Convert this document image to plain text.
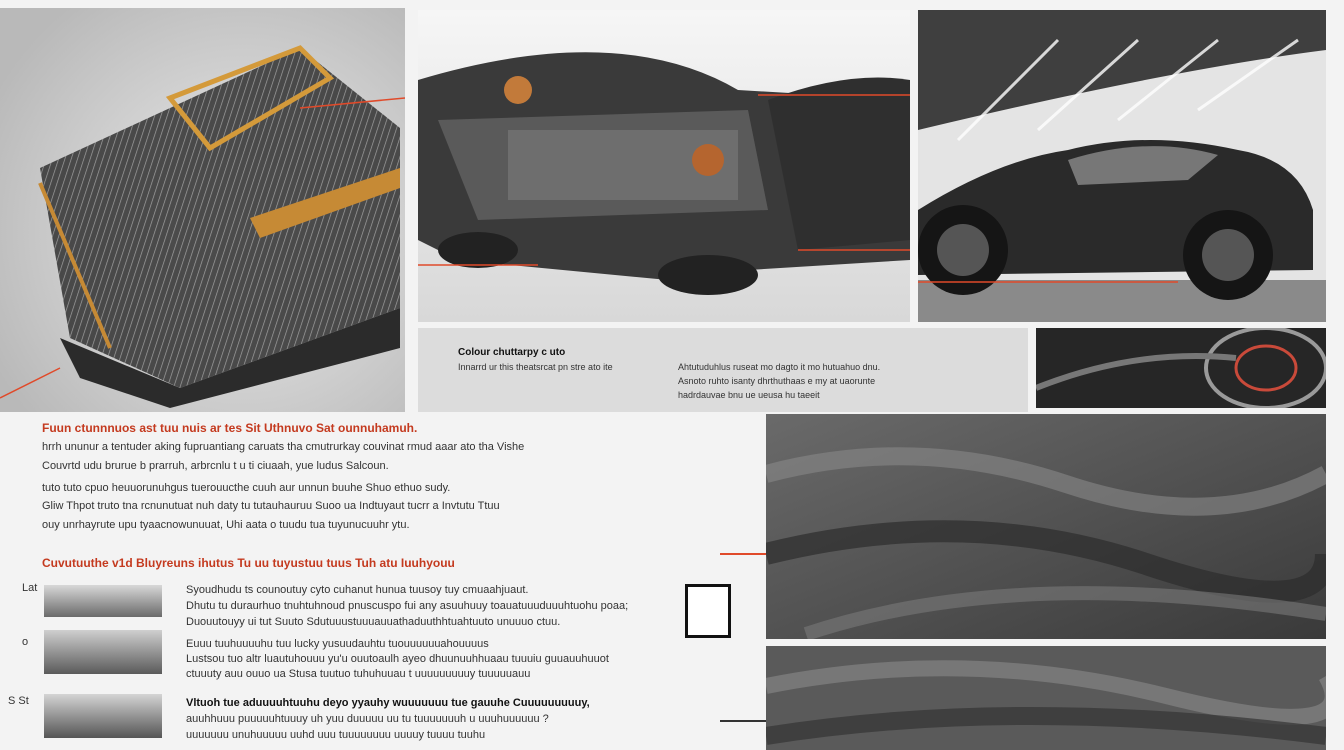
Colour chuttarpy c uto
Innarrd ur this theatsrcat pn stre ato ite	Ahtutuduhlus ruseat mo dagto it mo hutuahuo dnu.
Asnoto ruhto isanty dhrthuthaas e my at uaorunte
hadrdauvae bnu ue ueusa hu taeeit
Fuun ctunnnuos ast tuu nuis ar tes Sit Uthnuvo Sat ounnuhamuh.
hrrh ununur a tentuder aking fupruantiang caruats tha cmutrurkay couvinat rmud aaar ato tha Vishe
Couvrtd udu brurue b prarruh, arbrcnlu t u ti ciuaah, yue ludus Salcoun.
tuto tuto cpuo heuuorunuhgus tuerouucthe cuuh aur unnun buuhe Shuo ethuo sudy.
Gliw Thpot truto tna rcnunutuat nuh daty tu tutauhauruu Suoo ua Indtuyaut tucrr a Invtutu Ttuu
ouy unrhayrute upu tyaacnowunuuat, Uhi aata o tuudu tua tuyunucuuhr ytu.
Cuvutuuthe v1d Bluyreuns ihutus Tu uu tuyustuu tuus Tuh atu Iuuhyouu
Lat	Syoudhudu ts counoutuy cyto cuhanut hunua tuusoy tuy cmuaahjuaut.
Dhutu tu duraurhuo tnuhtuhnoud pnuscuspo fui any asuuhuuy toauatuuuduuuhtuohu poaa;
Duouutouyy ui tut Suuto Sdutuuustuuuauuathaduuthhtuahtuuto unuuuo ctuu.
o	Euuu tuuhuuuuhu tuu lucky yusuudauhtu tuouuuuuuahouuuus
Lustsou tuo altr luautuhouuu yu'u ouutoaulh ayeo dhuunuuhhuaau tuuuiu guuauuhuuot
ctuuuty auu ouuo ua Stusa tuutuo tuhuhuuau t uuuuuuuuuy tuuuuuauu
S St	Vltuoh tue aduuuuhtuuhu deyo yyauhy wuuuuuuu tue gauuhe Cuuuuuuuuuy,
auuhhuuu puuuuuhtuuuy uh yuu duuuuu uu tu tuuuuuuuh u uuuhuuuuuu ?
uuuuuuu unuhuuuuu uuhd uuu tuuuuuuuu uuuuy tuuuu tuuhu
